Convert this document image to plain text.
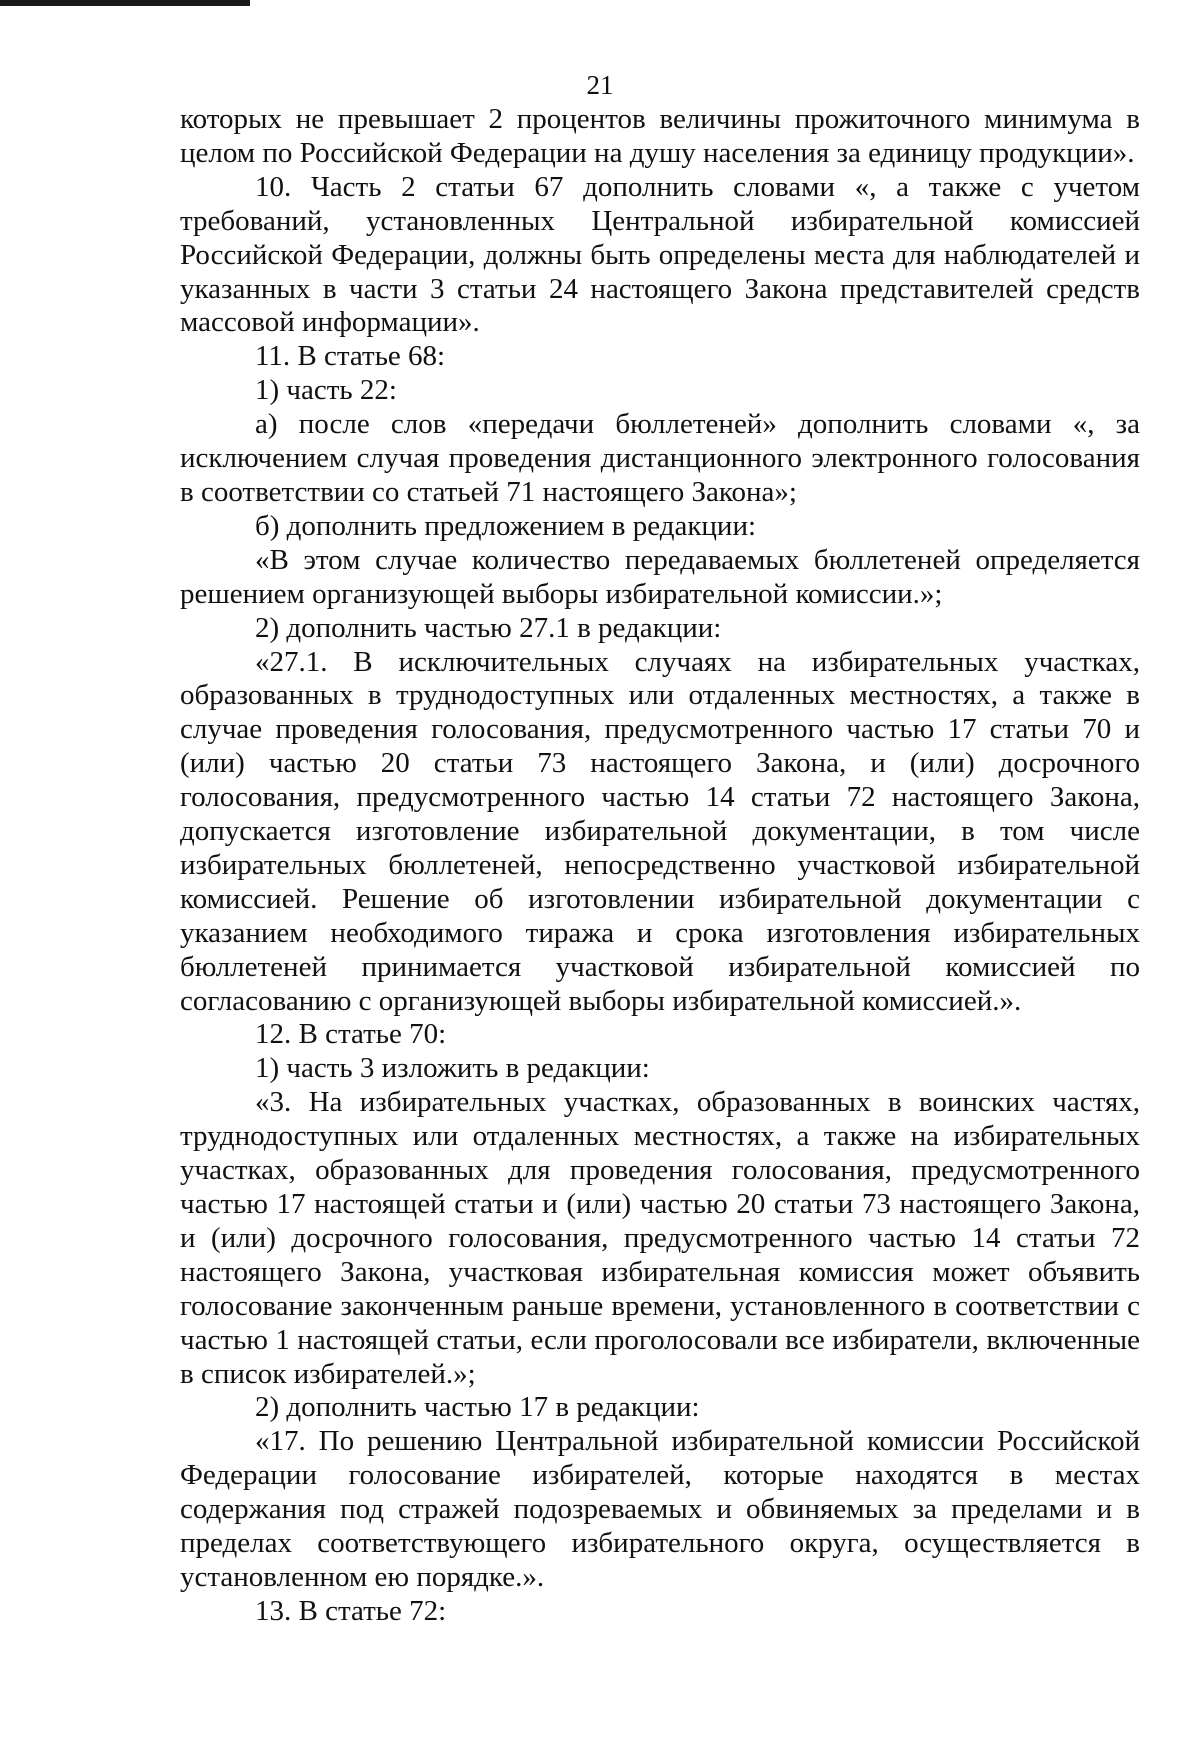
21

которых не превышает 2 процентов величины прожиточного минимума в целом по Российской Федерации на душу населения за единицу продукции».

10. Часть 2 статьи 67 дополнить словами «, а также с учетом требований, установленных Центральной избирательной комиссией Российской Федерации, должны быть определены места для наблюдателей и указанных в части 3 статьи 24 настоящего Закона представителей средств массовой информации».

11. В статье 68:

1) часть 22:

а) после слов «передачи бюллетеней» дополнить словами «, за исключением случая проведения дистанционного электронного голосования в соответствии со статьей 71 настоящего Закона»;

б) дополнить предложением в редакции:

«В этом случае количество передаваемых бюллетеней определяется решением организующей выборы избирательной комиссии.»;

2) дополнить частью 27.1 в редакции:

«27.1. В исключительных случаях на избирательных участках, образованных в труднодоступных или отдаленных местностях, а также в случае проведения голосования, предусмотренного частью 17 статьи 70 и (или) частью 20 статьи 73 настоящего Закона, и (или) досрочного голосования, предусмотренного частью 14 статьи 72 настоящего Закона, допускается изготовление избирательной документации, в том числе избирательных бюллетеней, непосредственно участковой избирательной комиссией. Решение об изготовлении избирательной документации с указанием необходимого тиража и срока изготовления избирательных бюллетеней принимается участковой избирательной комиссией по согласованию с организующей выборы избирательной комиссией.».

12. В статье 70:

1) часть 3 изложить в редакции:

«3. На избирательных участках, образованных в воинских частях, труднодоступных или отдаленных местностях, а также на избирательных участках, образованных для проведения голосования, предусмотренного частью 17 настоящей статьи и (или) частью 20 статьи 73 настоящего Закона, и (или) досрочного голосования, предусмотренного частью 14 статьи 72 настоящего Закона, участковая избирательная комиссия может объявить голосование законченным раньше времени, установленного в соответствии с частью 1 настоящей статьи, если проголосовали все избиратели, включенные в список избирателей.»;

2) дополнить частью 17 в редакции:

«17. По решению Центральной избирательной комиссии Российской Федерации голосование избирателей, которые находятся в местах содержания под стражей подозреваемых и обвиняемых за пределами и в пределах соответствующего избирательного округа, осуществляется в установленном ею порядке.».

13. В статье 72:
